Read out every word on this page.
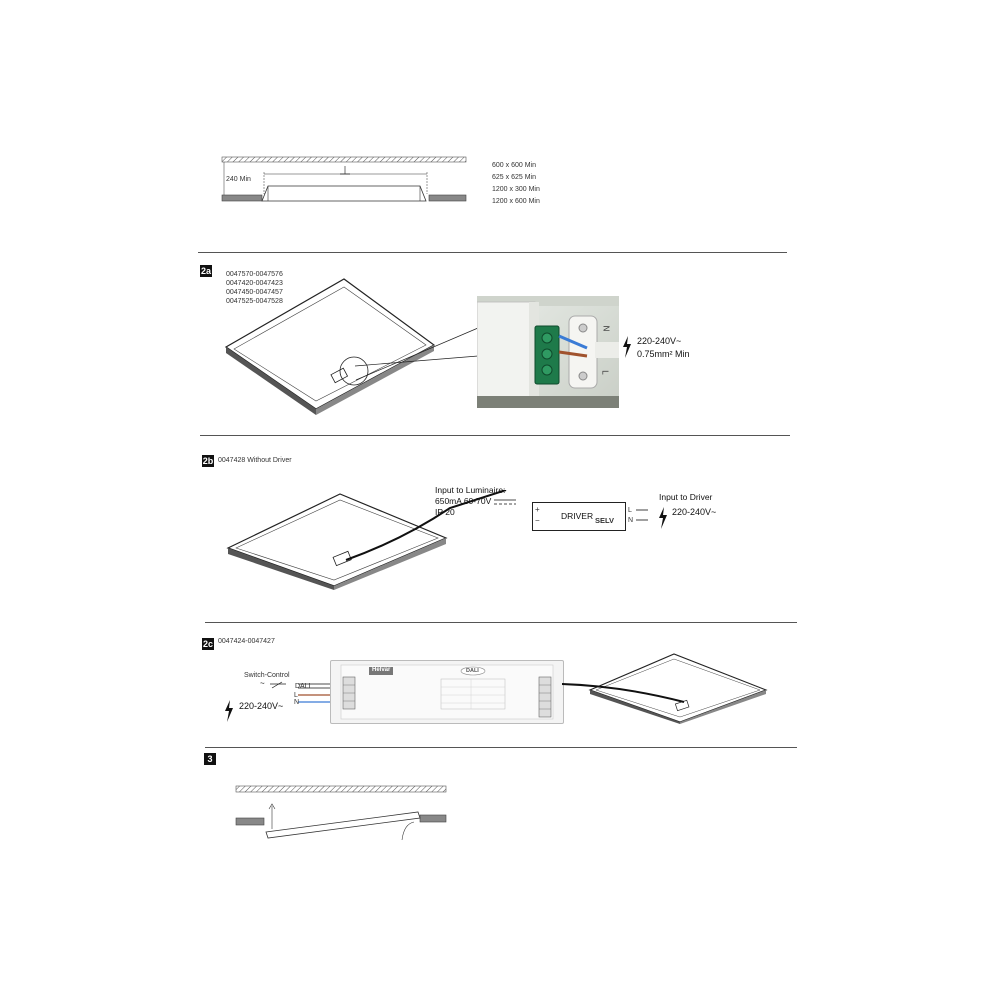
240 Min
600 x 600 Min
625 x 625 Min
1200 x 300 Min
1200 x 600 Min
2a 0047570-0047576
0047420-0047423
0047450-0047457
0047525-0047528
N
L
220-240V~
0.75mm² Min
2b 0047428 Without Driver
Input to Luminaire:
650mA 60-70V
IP 20	+
−	DRIVER SELV
L
N
Input to Driver
220-240V~
2c 0047424-0047427
Switch-Control
~	DALI
L
N
220-240V~
Helvar	DALI
3
